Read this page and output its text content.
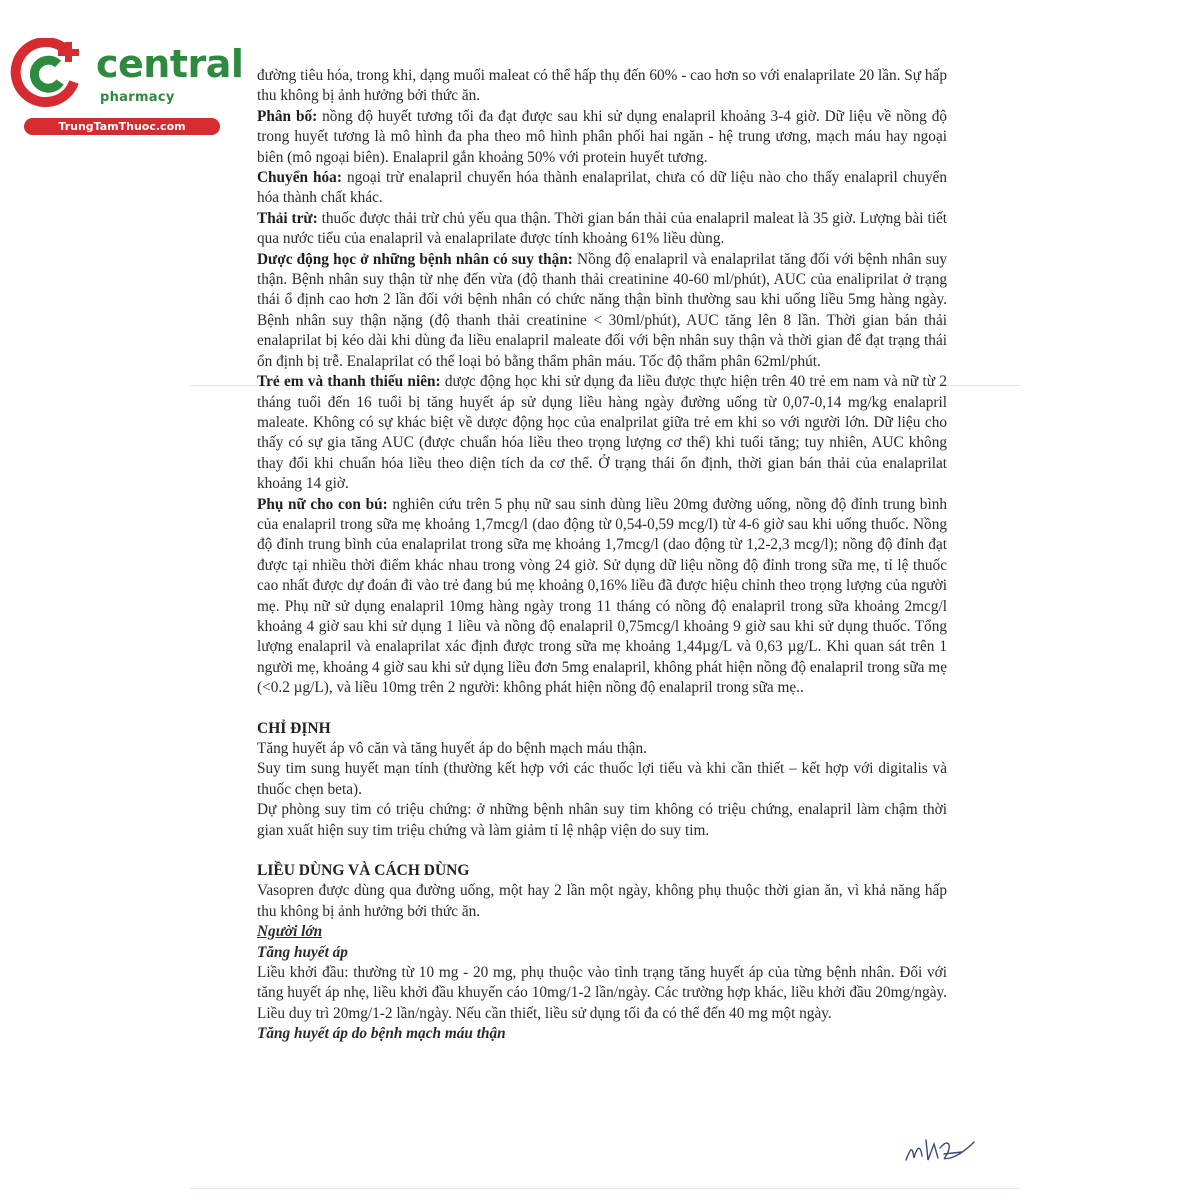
central
pharmacy
TrungTamThuoc.com

đường tiêu hóa, trong khi, dạng muối maleat có thể hấp thụ đến 60% - cao hơn so với enalaprilate 20 lần. Sự hấp thu không bị ảnh hưởng bởi thức ăn.

Phân bố: nồng độ huyết tương tối đa đạt được sau khi sử dụng enalapril khoảng 3-4 giờ. Dữ liệu về nồng độ trong huyết tương là mô hình đa pha theo mô hình phân phối hai ngăn - hệ trung ương, mạch máu hay ngoại biên (mô ngoại biên). Enalapril gắn khoảng 50% với protein huyết tương.

Chuyển hóa: ngoại trừ enalapril chuyển hóa thành enalaprilat, chưa có dữ liệu nào cho thấy enalapril chuyển hóa thành chất khác.

Thải trừ: thuốc được thải trừ chủ yếu qua thận. Thời gian bán thải của enalapril maleat là 35 giờ. Lượng bài tiết qua nước tiểu của enalapril và enalaprilate được tính khoảng 61% liều dùng.

Dược động học ở những bệnh nhân có suy thận: Nồng độ enalapril và enalaprilat tăng đối với bệnh nhân suy thận. Bệnh nhân suy thận từ nhẹ đến vừa (độ thanh thải creatinine 40-60 ml/phút), AUC của enaliprilat ở trạng thái ổ định cao hơn 2 lần đối với bệnh nhân có chức năng thận bình thường sau khi uống liều 5mg hàng ngày. Bệnh nhân suy thận nặng (độ thanh thải creatinine < 30ml/phút), AUC tăng lên 8 lần. Thời gian bán thải enalaprilat bị kéo dài khi dùng đa liều enalapril maleate đối với bện nhân suy thận và thời gian để đạt trạng thái ổn định bị trễ. Enalaprilat có thể loại bỏ bằng thẩm phân máu. Tốc độ thẩm phân 62ml/phút.

Trẻ em và thanh thiếu niên: dược động học khi sử dụng đa liều được thực hiện trên 40 trẻ em nam và nữ từ 2 tháng tuổi đến 16 tuổi bị tăng huyết áp sử dụng liều hàng ngày đường uống từ 0,07-0,14 mg/kg enalapril maleate. Không có sự khác biệt về dược động học của enalprilat giữa trẻ em khi so với người lớn. Dữ liệu cho thấy có sự gia tăng AUC (được chuẩn hóa liều theo trọng lượng cơ thể) khi tuổi tăng; tuy nhiên, AUC không thay đổi khi chuẩn hóa liều theo diện tích da cơ thể. Ở trạng thái ổn định, thời gian bán thải của enalaprilat khoảng 14 giờ.

Phụ nữ cho con bú: nghiên cứu trên 5 phụ nữ sau sinh dùng liều 20mg đường uống, nồng độ đỉnh trung bình của enalapril trong sữa mẹ khoảng 1,7mcg/l (dao động từ 0,54-0,59 mcg/l) từ 4-6 giờ sau khi uống thuốc. Nồng độ đỉnh trung bình của enalaprilat trong sữa mẹ khoảng 1,7mcg/l (dao động từ 1,2-2,3 mcg/l); nồng độ đỉnh đạt được tại nhiều thời điểm khác nhau trong vòng 24 giờ. Sử dụng dữ liệu nồng độ đỉnh trong sữa mẹ, tỉ lệ thuốc cao nhất được dự đoán đi vào trẻ đang bú mẹ khoảng 0,16% liều đã được hiệu chỉnh theo trọng lượng của người mẹ. Phụ nữ sử dụng enalapril 10mg hàng ngày trong 11 tháng có nồng độ enalapril trong sữa khoảng 2mcg/l khoảng 4 giờ sau khi sử dụng 1 liều và nồng độ enalapril 0,75mcg/l khoảng 9 giờ sau khi sử dụng thuốc. Tổng lượng enalapril và enalaprilat xác định được trong sữa mẹ khoảng 1,44µg/L và 0,63 µg/L. Khi quan sát trên 1 người mẹ, khoảng 4 giờ sau khi sử dụng liều đơn 5mg enalapril, không phát hiện nồng độ enalapril trong sữa mẹ (<0.2 µg/L), và liều 10mg trên 2 người: không phát hiện nồng độ enalapril trong sữa mẹ..

CHỈ ĐỊNH

Tăng huyết áp vô căn và tăng huyết áp do bệnh mạch máu thận.

Suy tim sung huyết mạn tính (thường kết hợp với các thuốc lợi tiểu và khi cần thiết – kết hợp với digitalis và thuốc chẹn beta).

Dự phòng suy tim có triệu chứng: ở những bệnh nhân suy tim không có triệu chứng, enalapril làm chậm thời gian xuất hiện suy tim triệu chứng và làm giảm tỉ lệ nhập viện do suy tim.

LIỀU DÙNG VÀ CÁCH DÙNG

Vasopren được dùng qua đường uống, một hay 2 lần một ngày, không phụ thuộc thời gian ăn, vì khả năng hấp thu không bị ảnh hưởng bởi thức ăn.

Người lớn

Tăng huyết áp

Liều khởi đầu: thường từ 10 mg - 20 mg, phụ thuộc vào tình trạng tăng huyết áp của từng bệnh nhân. Đối với tăng huyết áp nhẹ, liều khởi đầu khuyến cáo 10mg/1-2 lần/ngày. Các trường hợp khác, liều khởi đầu 20mg/ngày. Liều duy trì 20mg/1-2 lần/ngày. Nếu cần thiết, liều sử dụng tối đa có thể đến 40 mg một ngày.

Tăng huyết áp do bệnh mạch máu thận
